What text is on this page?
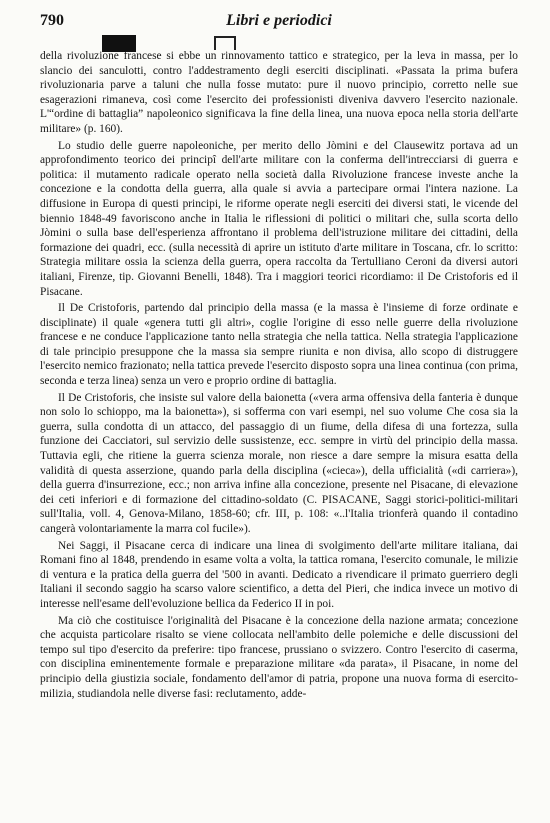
790	Libri e periodici

della rivoluzione francese si ebbe un rinnovamento tattico e strategico, per la leva in massa, per lo slancio dei sanculotti, contro l'addestramento degli eserciti disciplinati. «Passata la prima bufera rivoluzionaria parve a taluni che nulla fosse mutato: pure il nuovo principio, corretto nelle sue esagerazioni rimaneva, così come l'esercito dei professionisti diveniva davvero l'esercito nazionale. L'“ordine di battaglia” napoleonico significava la fine della linea, una nuova epoca nella storia dell'arte militare» (p. 160).

Lo studio delle guerre napoleoniche, per merito dello Jòmini e del Clausewitz portava ad un approfondimento teorico dei principî dell'arte militare con la conferma dell'intrecciarsi di guerra e politica: il mutamento radicale operato nella società dalla Rivoluzione francese investe anche la concezione e la condotta della guerra, alla quale si avvia a partecipare ormai l'intera nazione. La diffusione in Europa di questi principi, le riforme operate negli eserciti dei diversi stati, le vicende del biennio 1848-49 favoriscono anche in Italia le riflessioni di politici o militari che, sulla scorta dello Jòmini o sulla base dell'esperienza affrontano il problema dell'istruzione militare dei cittadini, della formazione dei quadri, ecc. (sulla necessità di aprire un istituto d'arte militare in Toscana, cfr. lo scritto: Strategia militare ossia la scienza della guerra, opera raccolta da Tertulliano Ceroni da diversi autori italiani, Firenze, tip. Giovanni Benelli, 1848). Tra i maggiori teorici ricordiamo: il De Cristoforis ed il Pisacane.

Il De Cristoforis, partendo dal principio della massa (e la massa è l'insieme di forze ordinate e disciplinate) il quale «genera tutti gli altri», coglie l'origine di esso nelle guerre della rivoluzione francese e ne conduce l'applicazione tanto nella strategia che nella tattica. Nella strategia l'applicazione di tale principio presuppone che la massa sia sempre riunita e non divisa, allo scopo di distruggere l'esercito nemico frazionato; nella tattica prevede l'esercito disposto sopra una linea continua (con prima, seconda e terza linea) senza un vero e proprio ordine di battaglia.

Il De Cristoforis, che insiste sul valore della baionetta («vera arma offensiva della fanteria è dunque non solo lo schioppo, ma la baionetta»), si sofferma con vari esempi, nel suo volume Che cosa sia la guerra, sulla condotta di un attacco, del passaggio di un fiume, della difesa di una fortezza, sulla funzione dei Cacciatori, sul servizio delle sussistenze, ecc. sempre in virtù del principio della massa. Tuttavia egli, che ritiene la guerra scienza morale, non riesce a dare sempre la misura esatta della validità di questa asserzione, quando parla della disciplina («cieca»), della ufficialità («di carriera»), della guerra d'insurrezione, ecc.; non arriva infine alla concezione, presente nel Pisacane, di elevazione dei ceti inferiori e di formazione del cittadino-soldato (C. PISACANE, Saggi storici-politici-militari sull'Italia, voll. 4, Genova-Milano, 1858-60; cfr. III, p. 108: «..l'Italia trionferà quando il contadino cangerà volontariamente la marra col fucile»).

Nei Saggi, il Pisacane cerca di indicare una linea di svolgimento dell'arte militare italiana, dai Romani fino al 1848, prendendo in esame volta a volta, la tattica romana, l'esercito comunale, le milizie di ventura e la pratica della guerra del '500 in avanti. Dedicato a rivendicare il primato guerriero degli Italiani il secondo saggio ha scarso valore scientifico, a detta del Pieri, che indica invece un motivo di interesse nell'esame dell'evoluzione bellica da Federico II in poi.

Ma ciò che costituisce l'originalità del Pisacane è la concezione della nazione armata; concezione che acquista particolare risalto se viene collocata nell'ambito delle polemiche e delle discussioni del tempo sul tipo d'esercito da preferire: tipo francese, prussiano o svizzero. Contro l'esercito di caserma, con disciplina eminentemente formale e preparazione militare «da parata», il Pisacane, in nome del principio della giustizia sociale, fondamento dell'amor di patria, propone una nuova forma di esercito-milizia, studiandola nelle diverse fasi: reclutamento, adde-
